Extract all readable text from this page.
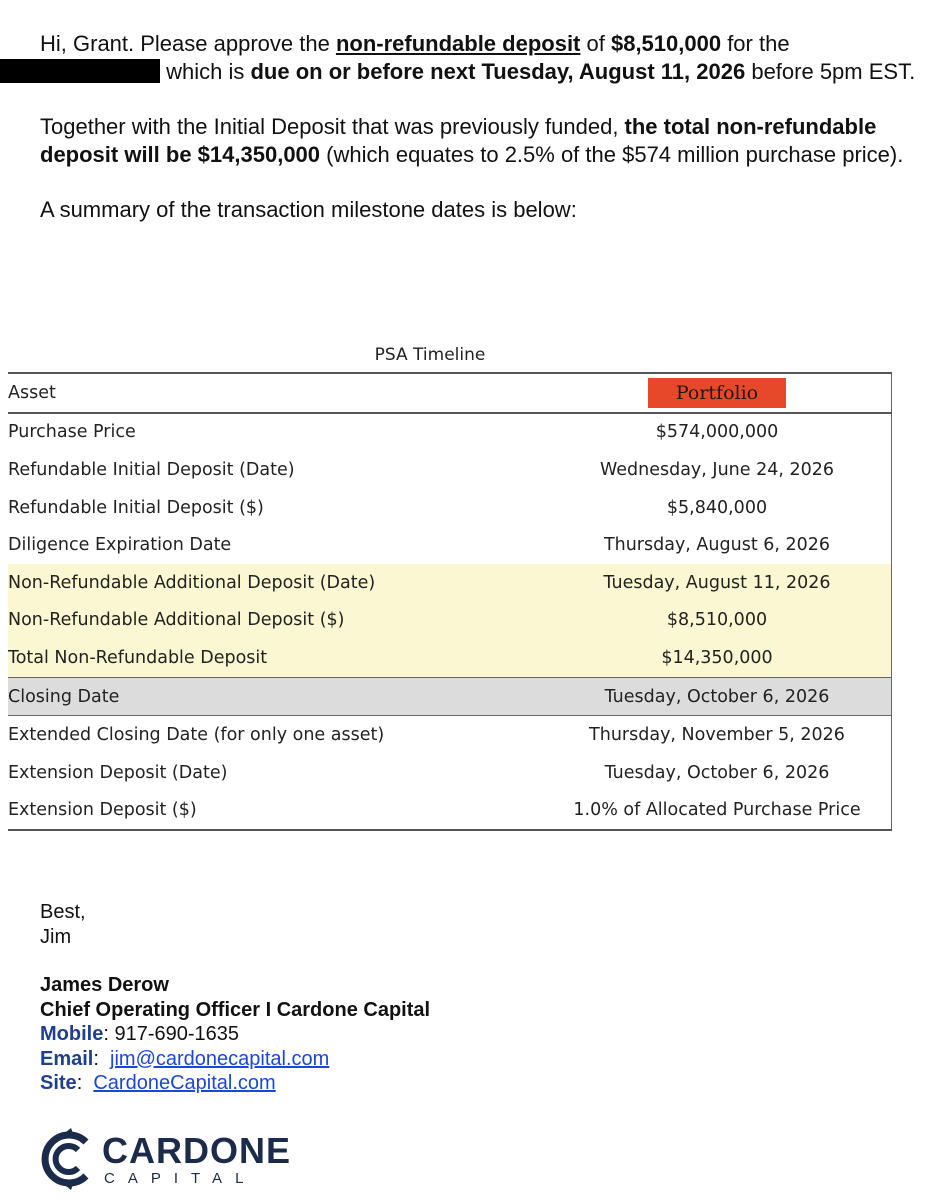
Hi, Grant. Please approve the non-refundable deposit of $8,510,000 for the
which is due on or before next Tuesday, August 11, 2026 before 5pm EST.

Together with the Initial Deposit that was previously funded, the total non-refundable deposit will be $14,350,000 (which equates to 2.5% of the $574 million purchase price).

A summary of the transaction milestone dates is below:

PSA Timeline
Asset	Portfolio
Purchase Price	$574,000,000
Refundable Initial Deposit (Date)	Wednesday, June 24, 2026
Refundable Initial Deposit ($)	$5,840,000
Diligence Expiration Date	Thursday, August 6, 2026
Non-Refundable Additional Deposit (Date)	Tuesday, August 11, 2026
Non-Refundable Additional Deposit ($)	$8,510,000
Total Non-Refundable Deposit	$14,350,000
Closing Date	Tuesday, October 6, 2026
Extended Closing Date (for only one asset)	Thursday, November 5, 2026
Extension Deposit (Date)	Tuesday, October 6, 2026
Extension Deposit ($)	1.0% of Allocated Purchase Price
Best,
Jim
James Derow
Chief Operating Officer I Cardone Capital
Mobile: 917-690-1635
Email:  jim@cardonecapital.com
Site:  CardoneCapital.com
CARDONE
CAPITAL
